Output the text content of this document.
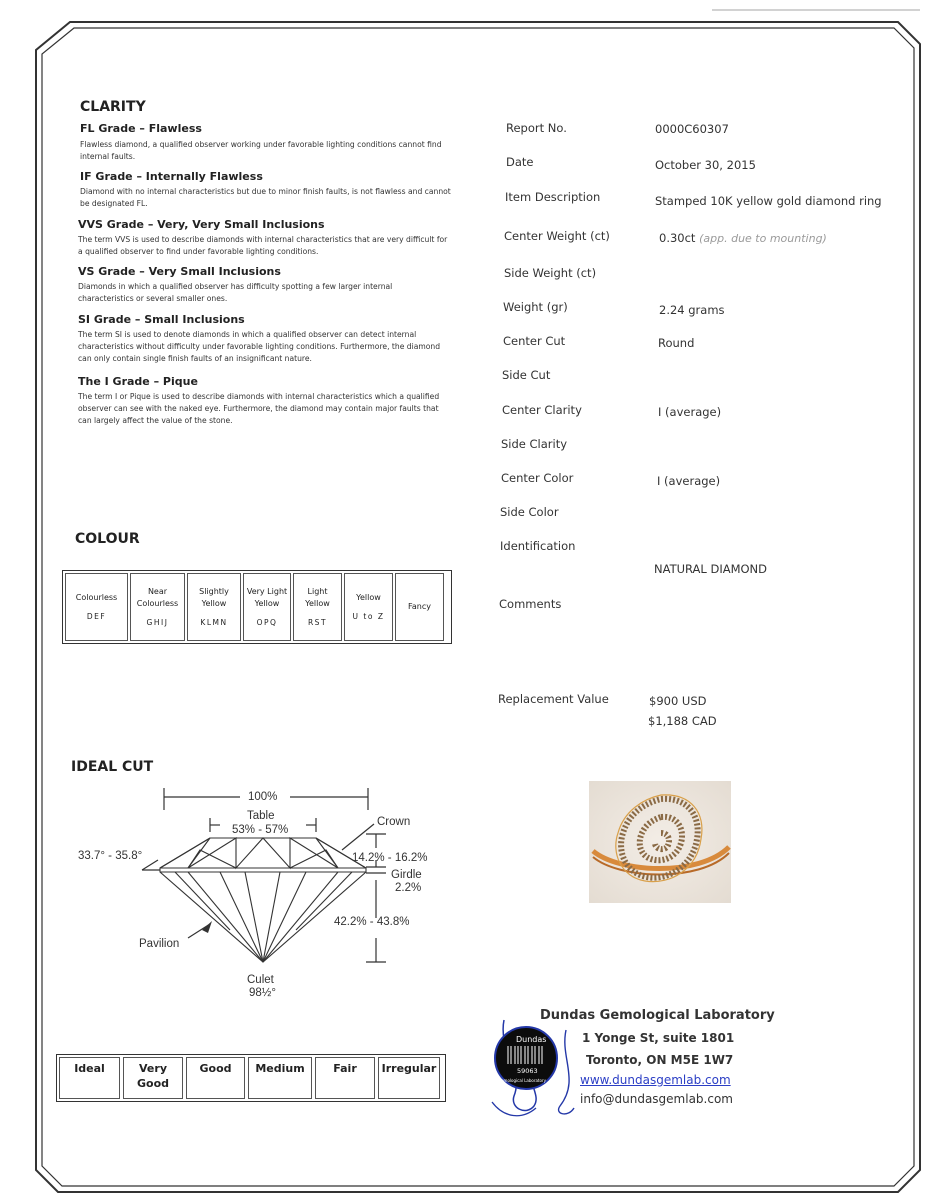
CLARITY
FL Grade – Flawless
Flawless diamond, a qualified observer working under favorable lighting conditions cannot find internal faults.
IF Grade – Internally Flawless
Diamond with no internal characteristics but due to minor finish faults, is not flawless and cannot be designated FL.
VVS Grade – Very, Very Small Inclusions
The term VVS is used to describe diamonds with internal characteristics that are very difficult for a qualified observer to find under favorable lighting conditions.
VS Grade – Very Small Inclusions
Diamonds in which a qualified observer has difficulty spotting a few larger internal characteristics or several smaller ones.
SI Grade – Small Inclusions
The term SI is used to denote diamonds in which a qualified observer can detect internal characteristics without difficulty under favorable lighting conditions. Furthermore, the diamond can only contain single finish faults of an insignificant nature.
The I Grade – Pique
The term I or Pique is used to describe diamonds with internal characteristics which a qualified observer can see with the naked eye. Furthermore, the diamond may contain major faults that can largely affect the value of the stone.
Report No.	0000C60307
Date	October 30, 2015
Item Description	Stamped 10K yellow gold diamond ring
Center Weight (ct)	0.30ct (app. due to mounting)
Side Weight (ct)
Weight (gr)	2.24 grams
Center Cut	Round
Side Cut
Center Clarity	I (average)
Side Clarity
Center Color	I (average)
Side Color
Identification
NATURAL DIAMOND
Comments
Replacement Value	$900 USD
$1,188 CAD
COLOUR
Colourless
DEF
Near Colourless
GHIJ
Slightly Yellow
KLMN
Very Light Yellow
OPQ
Light Yellow
RST
Yellow
U to Z
Fancy
IDEAL CUT
100%
Table
53% - 57%
Crown
33.7° - 35.8°	14.2% - 16.2%
Girdle
2.2%
42.2% - 43.8%
Pavilion
Culet
98½°
Ideal	Very Good
Good	Medium	Fair	Irregular
Dundas
59063
Gemological Laboratory
Dundas Gemological Laboratory
1 Yonge St, suite 1801
Toronto, ON M5E 1W7
www.dundasgemlab.com
info@dundasgemlab.com
